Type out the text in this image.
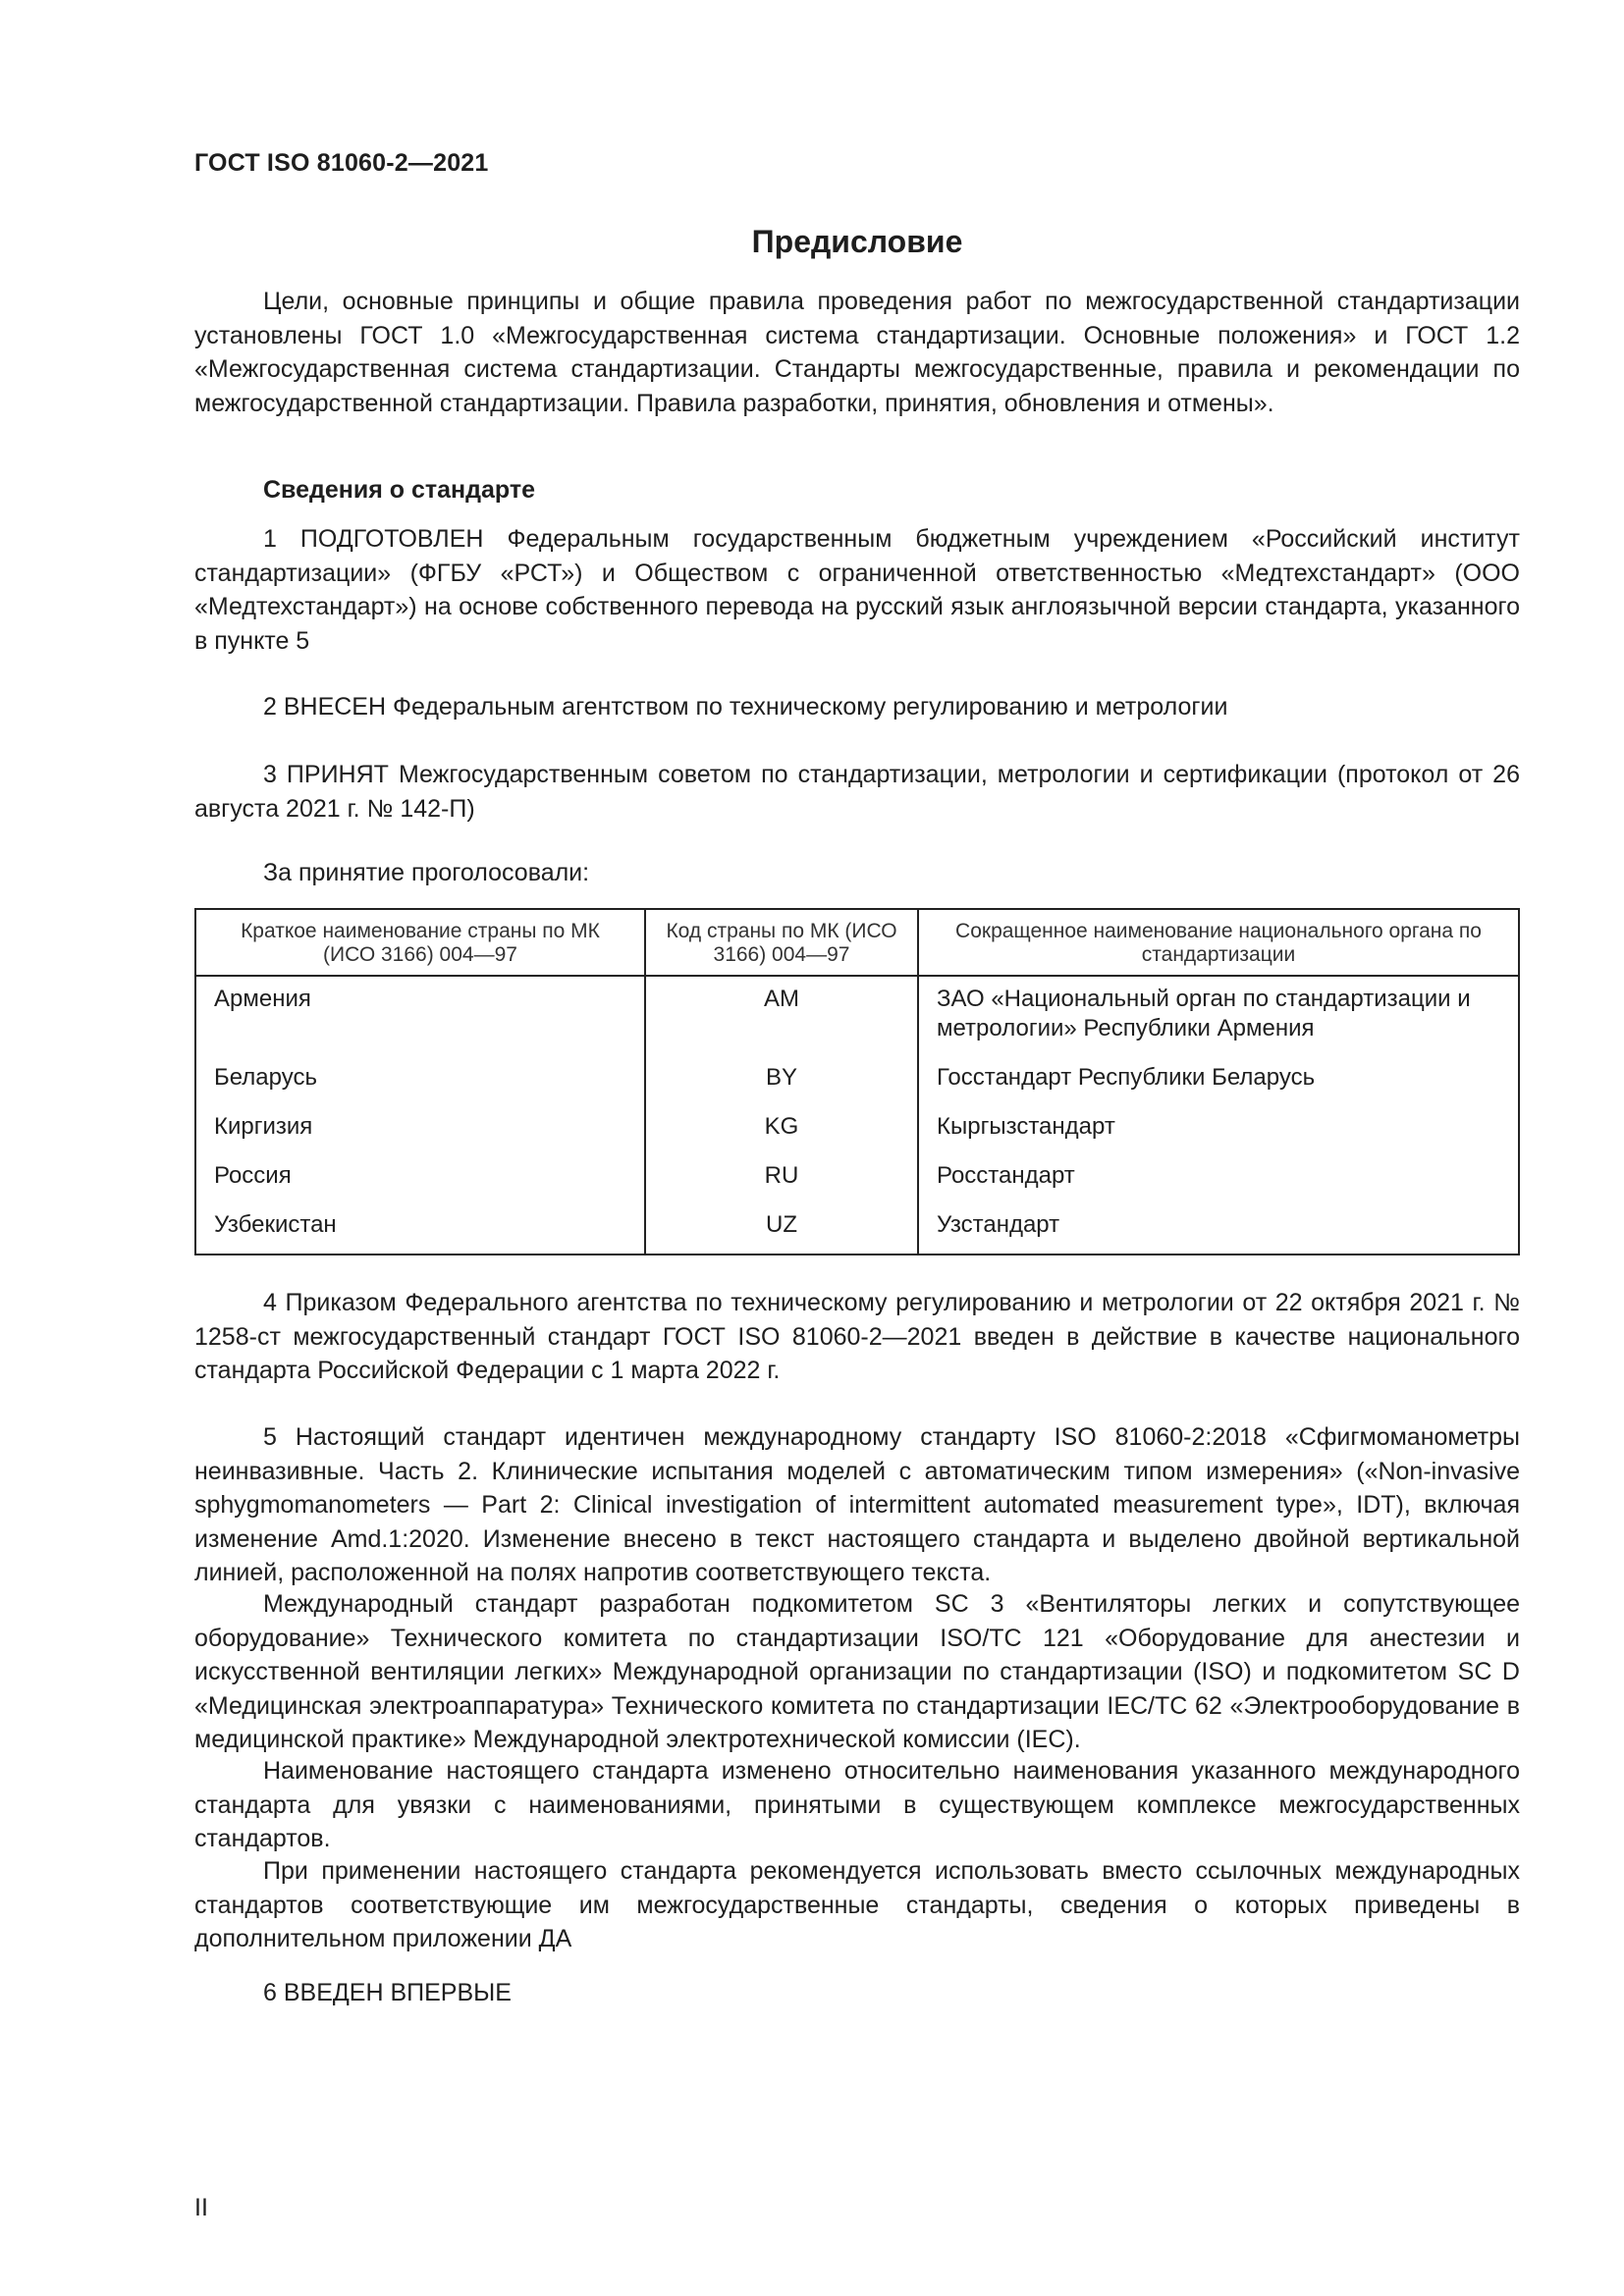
ГОСТ ISO 81060-2—2021
Предисловие

Цели, основные принципы и общие правила проведения работ по межгосударственной стандартизации установлены ГОСТ 1.0 «Межгосударственная система стандартизации. Основные положения» и ГОСТ 1.2 «Межгосударственная система стандартизации. Стандарты межгосударственные, правила и рекомендации по межгосударственной стандартизации. Правила разработки, принятия, обновления и отмены».

Сведения о стандарте

1 ПОДГОТОВЛЕН Федеральным государственным бюджетным учреждением «Российский институт стандартизации» (ФГБУ «РСТ») и Обществом с ограниченной ответственностью «Медтехстандарт» (ООО «Медтехстандарт») на основе собственного перевода на русский язык англоязычной версии стандарта, указанного в пункте 5

2 ВНЕСЕН Федеральным агентством по техническому регулированию и метрологии

3 ПРИНЯТ Межгосударственным советом по стандартизации, метрологии и сертификации (протокол от 26 августа 2021 г. № 142-П)

За принятие проголосовали:

Краткое наименование страны по МК (ИСО 3166) 004—97	Код страны по МК (ИСО 3166) 004—97	Сокращенное наименование национального органа по стандартизации
Армения	AM	ЗАО «Национальный орган по стандартизации и метрологии» Республики Армения
Беларусь	BY	Госстандарт Республики Беларусь
Киргизия	KG	Кыргызстандарт
Россия	RU	Росстандарт
Узбекистан	UZ	Узстандарт

4 Приказом Федерального агентства по техническому регулированию и метрологии от 22 октября 2021 г. № 1258-ст межгосударственный стандарт ГОСТ ISO 81060-2—2021 введен в действие в качестве национального стандарта Российской Федерации с 1 марта 2022 г.

5 Настоящий стандарт идентичен международному стандарту ISO 81060-2:2018 «Сфигмоманометры неинвазивные. Часть 2. Клинические испытания моделей с автоматическим типом измерения» («Non-invasive sphygmomanometers — Part 2: Clinical investigation of intermittent automated measurement type», IDT), включая изменение Amd.1:2020. Изменение внесено в текст настоящего стандарта и выделено двойной вертикальной линией, расположенной на полях напротив соответствующего текста.

Международный стандарт разработан подкомитетом SC 3 «Вентиляторы легких и сопутствующее оборудование» Технического комитета по стандартизации ISO/TC 121 «Оборудование для анестезии и искусственной вентиляции легких» Международной организации по стандартизации (ISO) и подкомитетом SC D «Медицинская электроаппаратура» Технического комитета по стандартизации IEC/TC 62 «Электрооборудование в медицинской практике» Международной электротехнической комиссии (IEC).

Наименование настоящего стандарта изменено относительно наименования указанного международного стандарта для увязки с наименованиями, принятыми в существующем комплексе межгосударственных стандартов.

При применении настоящего стандарта рекомендуется использовать вместо ссылочных международных стандартов соответствующие им межгосударственные стандарты, сведения о которых приведены в дополнительном приложении ДА

6 ВВЕДЕН ВПЕРВЫЕ

II
